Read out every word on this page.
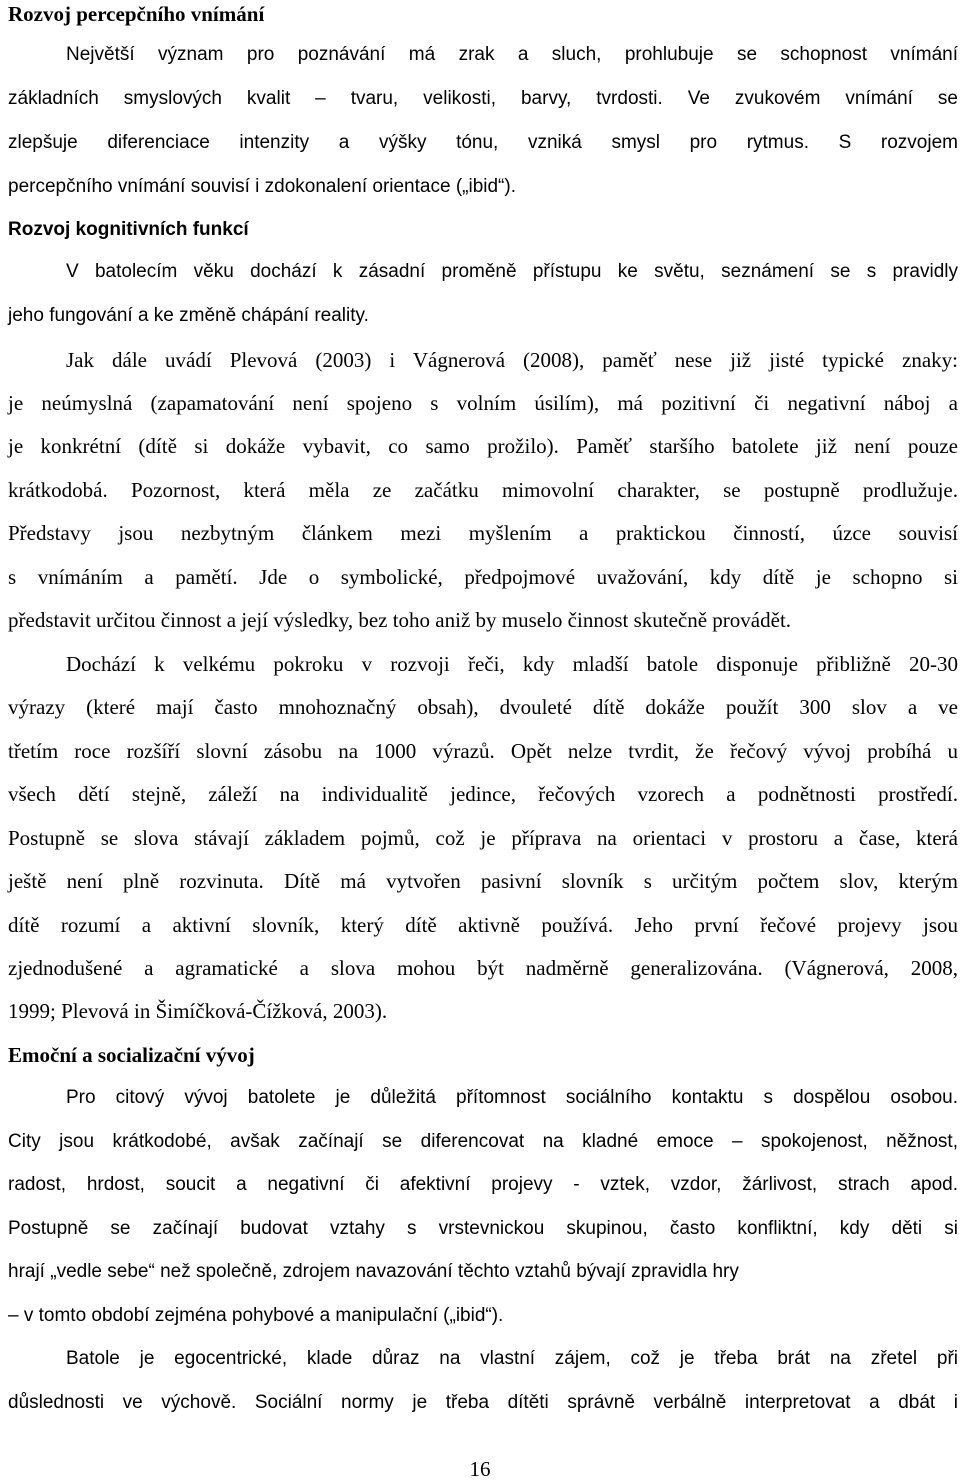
Rozvoj percepčního vnímání

Největší význam pro poznávání má zrak a sluch, prohlubuje se schopnost vnímání

základních smyslových kvalit – tvaru, velikosti, barvy, tvrdosti. Ve zvukovém vnímání se

zlepšuje diferenciace intenzity a výšky tónu, vzniká smysl pro rytmus. S rozvojem

percepčního vnímání souvisí i zdokonalení orientace („ibid“).

Rozvoj kognitivních funkcí

V batolecím věku dochází k zásadní proměně přístupu ke světu, seznámení se s pravidly

jeho fungování a ke změně chápání reality.

Jak dále uvádí Plevová (2003) i Vágnerová (2008), paměť nese již jisté typické znaky:

je neúmyslná (zapamatování není spojeno s volním úsilím), má pozitivní či negativní náboj a

je konkrétní (dítě si dokáže vybavit, co samo prožilo). Paměť staršího batolete již není pouze

krátkodobá. Pozornost, která měla ze začátku mimovolní charakter, se postupně prodlužuje.

Představy jsou nezbytným článkem mezi myšlením a praktickou činností, úzce souvisí

s vnímáním a pamětí. Jde o symbolické, předpojmové uvažování, kdy dítě je schopno si

představit určitou činnost a její výsledky, bez toho aniž by muselo činnost skutečně provádět.

Dochází k velkému pokroku v rozvoji řeči, kdy mladší batole disponuje přibližně 20-30

výrazy (které mají často mnohoznačný obsah), dvouleté dítě dokáže použít 300 slov a ve

třetím roce rozšíří slovní zásobu na 1000 výrazů. Opět nelze tvrdit, že řečový vývoj probíhá u

všech dětí stejně, záleží na individualitě jedince, řečových vzorech a podnětnosti prostředí.

Postupně se slova stávají základem pojmů, což je příprava na orientaci v prostoru a čase, která

ještě není plně rozvinuta. Dítě má vytvořen pasivní slovník s určitým počtem slov, kterým

dítě rozumí a aktivní slovník, který dítě aktivně používá. Jeho první řečové projevy jsou

zjednodušené a agramatické a slova mohou být nadměrně generalizována. (Vágnerová, 2008,

1999; Plevová in Šimíčková-Čížková, 2003).

Emoční a socializační vývoj

Pro citový vývoj batolete je důležitá přítomnost sociálního kontaktu s dospělou osobou.

City jsou krátkodobé, avšak začínají se diferencovat na kladné emoce – spokojenost, něžnost,

radost, hrdost, soucit a negativní či afektivní projevy - vztek, vzdor, žárlivost, strach apod.

Postupně se začínají budovat vztahy s vrstevnickou skupinou, často konfliktní, kdy děti si

hrají „vedle sebe“ než společně, zdrojem navazování těchto vztahů bývají zpravidla hry

– v tomto období zejména pohybové a manipulační („ibid“).

Batole je egocentrické, klade důraz na vlastní zájem, což je třeba brát na zřetel při

důslednosti ve výchově. Sociální normy je třeba dítěti správně verbálně interpretovat a dbát i

16
